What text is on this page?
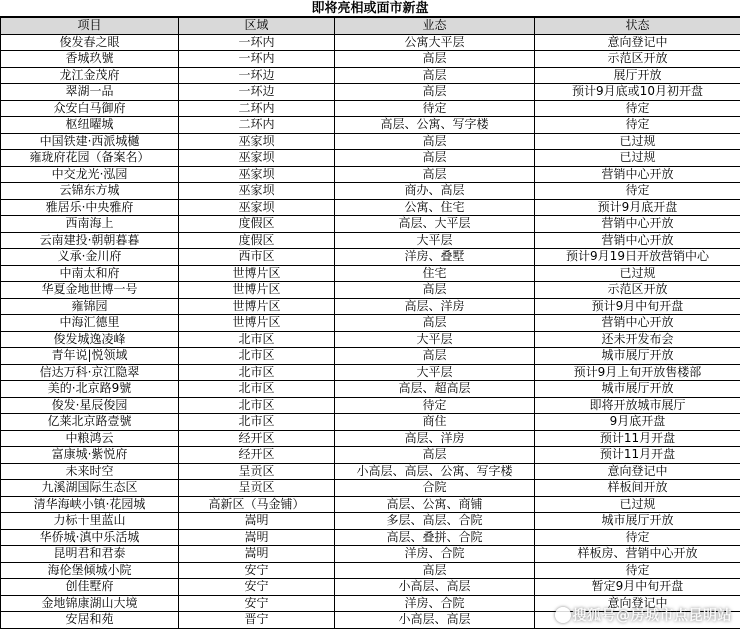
即将亮相或面市新盘
项目	区域	业态	状态
俊发春之眼	一环内	公寓大平层	意向登记中
香城玖號	一环内	高层	示范区开放
龙江金茂府	一环边	高层	展厅开放
翠湖一品	一环边	高层	预计9月底或10月初开盘
众安白马御府	二环内	待定	待定
枢纽曜城	二环内	高层、公寓、写字楼	待定
中国铁建·西派城樾	巫家坝	高层	已过规
雍珑府花园（备案名）	巫家坝	高层	已过规
中交龙光·泓园	巫家坝	高层	营销中心开放
云锦东方城	巫家坝	商办、高层	待定
雅居乐·中央雅府	巫家坝	公寓、住宅	预计9月底开盘
西南海上	度假区	高层、大平层	营销中心开放
云南建投·朝朝暮暮	度假区	大平层	营销中心开放
义承·金川府	西市区	洋房、叠墅	预计9月19日开放营销中心
中南太和府	世博片区	住宅	已过规
华夏金地世博一号	世博片区	高层	示范区开放
雍锦园	世博片区	高层、洋房	预计9月中旬开盘
中海汇德里	世博片区	高层	营销中心开放
俊发城逸凌峰	北市区	大平层	还未开发布会
青年说|悦领域	北市区	高层	城市展厅开放
信达万科·京江隐翠	北市区	大平层	预计9月上旬开放售楼部
美的·北京路9號	北市区	高层、超高层	城市展厅开放
俊发·星辰俊园	北市区	待定	即将开放城市展厅
亿莱北京路壹號	北市区	商住	9月底开盘
中粮鸿云	经开区	高层、洋房	预计11月开盘
富康城·紫悦府	经开区	高层	预计11月开盘
未来时空	呈贡区	小高层、高层、公寓、写字楼	意向登记中
九溪湖国际生态区	呈贡区	合院	样板间开放
清华海峡小镇·花园城	高新区（马金铺）	高层、公寓、商铺	已过规
力标十里蓝山	嵩明	多层、高层、合院	城市展厅开放
华侨城·滇中乐活城	嵩明	高层、叠拼、合院	待定
昆明君和君泰	嵩明	洋房、合院	样板房、营销中心开放
海伦堡倾城小院	安宁	高层	待定
创佳墅府	安宁	小高层、高层	暂定9月中旬开盘
金地锦康湖山大境	安宁	洋房、合院	意向登记中
安居和苑	晋宁	小高层、高层		搜狐号@房城市点昆明站
